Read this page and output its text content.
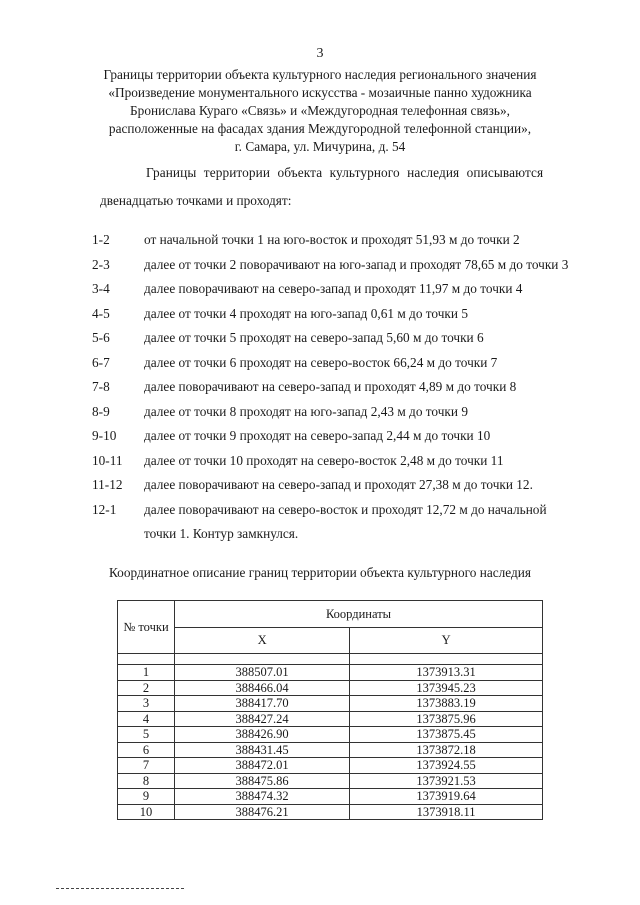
3
Границы территории объекта культурного наследия регионального значения
«Произведение монументального искусства - мозаичные панно художника
Бронислава Кураго «Связь» и «Междугородная телефонная связь»,
расположенные на фасадах здания Междугородной телефонной станции»,
г. Самара, ул. Мичурина, д. 54
Границы территории объекта культурного наследия описываются
двенадцатью точками и проходят:
1-2	от начальной точки 1 на юго-восток и проходят 51,93 м до точки 2
2-3	далее от точки 2 поворачивают на юго-запад и проходят 78,65 м до точки 3
3-4	далее поворачивают на северо-запад и проходят 11,97 м до точки 4
4-5	далее от точки 4 проходят на юго-запад 0,61 м до точки 5
5-6	далее от точки 5 проходят на северо-запад 5,60 м до точки 6
6-7	далее от точки 6 проходят на северо-восток 66,24 м до точки 7
7-8	далее поворачивают на северо-запад и проходят 4,89 м до точки 8
8-9	далее от точки 8 проходят на юго-запад 2,43 м до точки 9
9-10	далее от точки 9 проходят на северо-запад 2,44 м до точки 10
10-11	далее от точки 10 проходят на северо-восток 2,48 м до точки 11
11-12	далее поворачивают на северо-запад и проходят 27,38 м до точки 12.
12-1	далее поворачивают на северо-восток и проходят 12,72 м до начальной точки 1. Контур замкнулся.
Координатное описание границ территории объекта культурного наследия
№ точки	Координаты	
	X	Y

1	388507.01	1373913.31
2	388466.04	1373945.23
3	388417.70	1373883.19
4	388427.24	1373875.96
5	388426.90	1373875.45
6	388431.45	1373872.18
7	388472.01	1373924.55
8	388475.86	1373921.53
9	388474.32	1373919.64
10	388476.21	1373918.11
